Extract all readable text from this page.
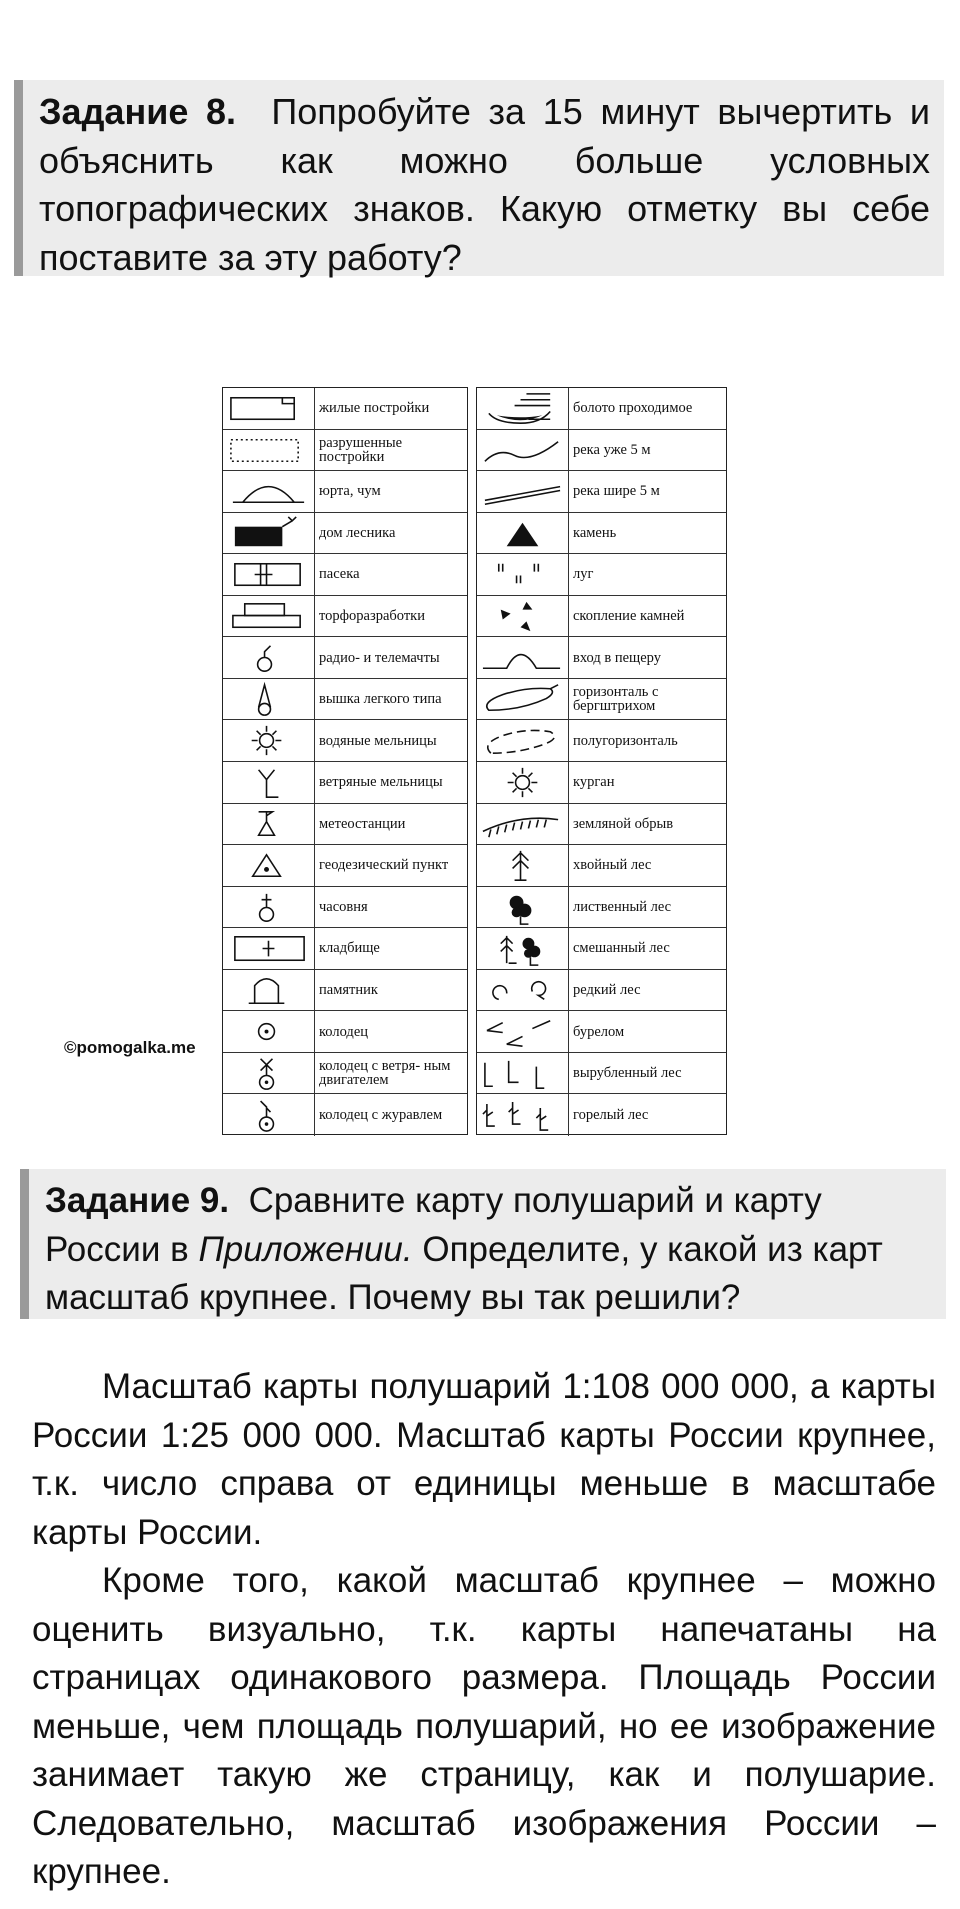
Задание 8. Попробуйте за 15 минут вычертить и объяснить как можно больше условных топографических знаков. Какую отметку вы себе поставите за эту работу?
жилые постройки
разрушенные постройки
юрта, чум
дом лесника
пасека
торфоразработки
радио- и телемачты
вышка легкого типа
водяные мельницы
ветряные мельницы
метеостанции
геодезический пункт
часовня
кладбище
памятник
колодец
колодец с ветря- ным двигателем
колодец с журавлем
болото проходимое
река уже 5 м
река шире 5 м
камень
луг
скопление камней
вход в пещеру
горизонталь с бергштрихом
полугоризонталь
курган
земляной обрыв
хвойный лес
лиственный лес
смешанный лес
редкий лес
бурелом
вырубленный лес
горелый лес
©pomogalka.me
Задание 9. Сравните карту полушарий и карту России в Приложении. Определите, у какой из карт масштаб крупнее. Почему вы так решили?
Масштаб карты полушарий 1:108 000 000, а карты России 1:25 000 000. Масштаб карты России крупнее, т.к. число справа от единицы меньше в масштабе карты России.
Кроме того, какой масштаб крупнее – можно оценить визуально, т.к. карты напечатаны на страницах одинакового размера. Площадь России меньше, чем площадь полушарий, но ее изображение занимает такую же страницу, как и полушарие. Следовательно, масштаб изображения России – крупнее.
